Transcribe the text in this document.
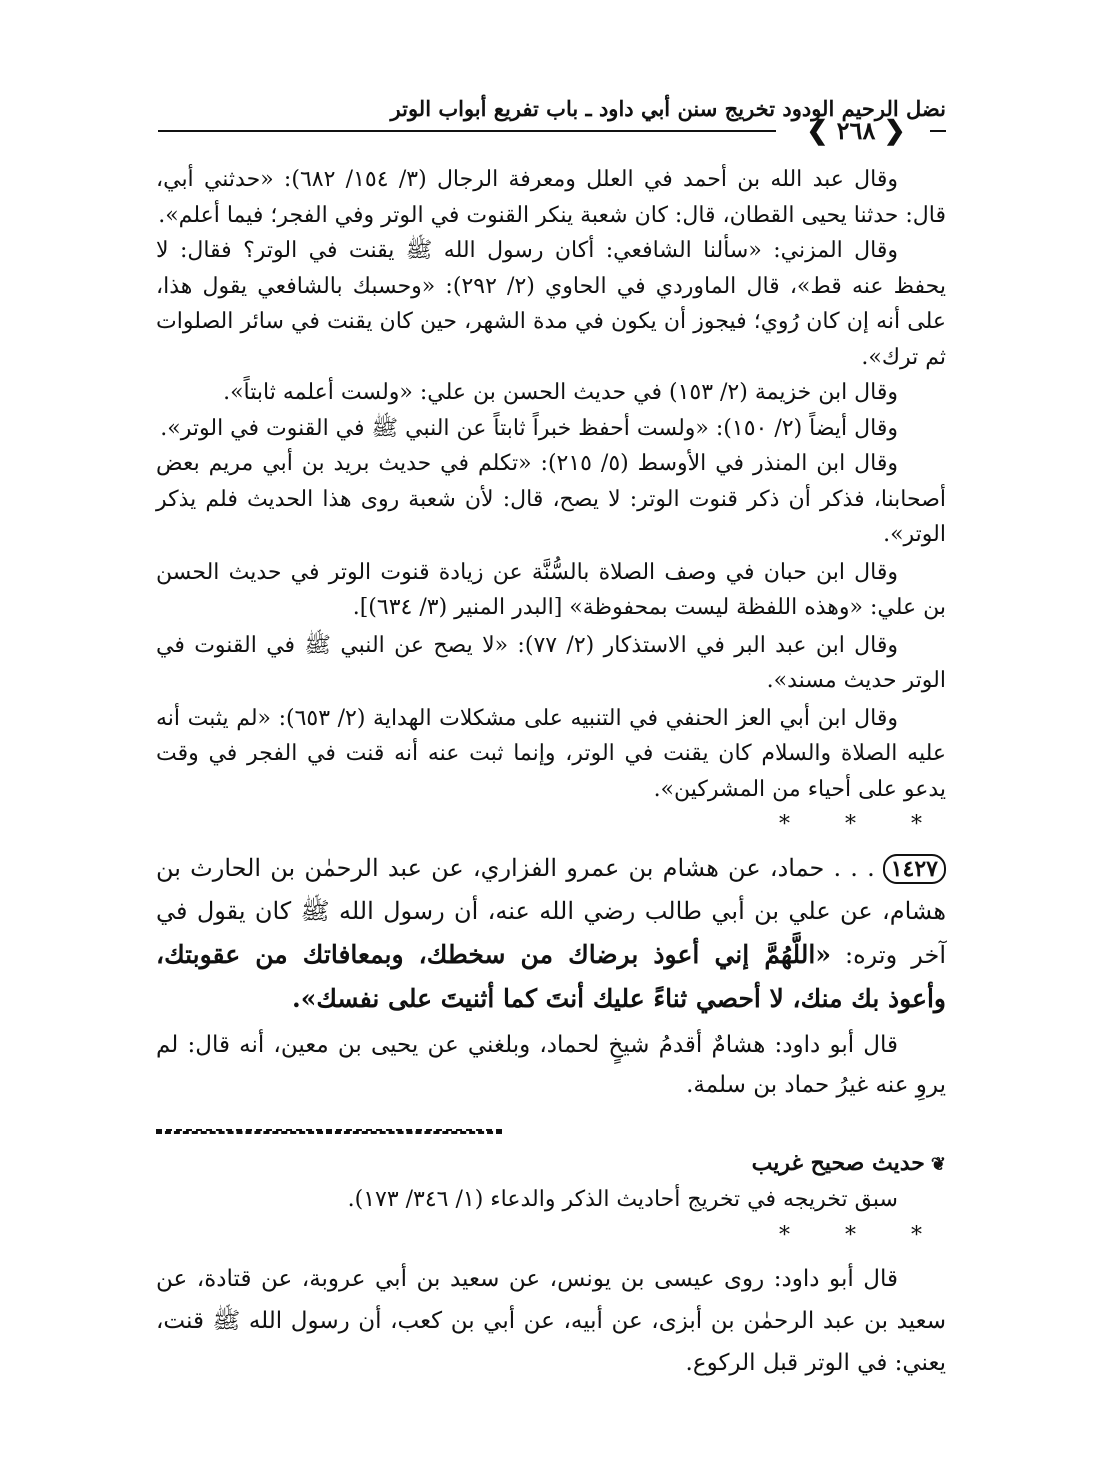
نضل الرحيم الودود تخريج سنن أبي داود ـ باب تفريع أبواب الوتر
❮ ٢٦٨ ❯

وقال عبد الله بن أحمد في العلل ومعرفة الرجال (٣/ ١٥٤/ ٦٨٢): «حدثني أبي، قال: حدثنا يحيى القطان، قال: كان شعبة ينكر القنوت في الوتر وفي الفجر؛ فيما أعلم».

وقال المزني: «سألنا الشافعي: أكان رسول الله ﷺ يقنت في الوتر؟ فقال: لا يحفظ عنه قط»، قال الماوردي في الحاوي (٢/ ٢٩٢): «وحسبك بالشافعي يقول هذا، على أنه إن كان رُوي؛ فيجوز أن يكون في مدة الشهر، حين كان يقنت في سائر الصلوات ثم ترك».

وقال ابن خزيمة (٢/ ١٥٣) في حديث الحسن بن علي: «ولست أعلمه ثابتاً».

وقال أيضاً (٢/ ١٥٠): «ولست أحفظ خبراً ثابتاً عن النبي ﷺ في القنوت في الوتر».

وقال ابن المنذر في الأوسط (٥/ ٢١٥): «تكلم في حديث بريد بن أبي مريم بعض أصحابنا، فذكر أن ذكر قنوت الوتر: لا يصح، قال: لأن شعبة روى هذا الحديث فلم يذكر الوتر».

وقال ابن حبان في وصف الصلاة بالسُّنَّة عن زيادة قنوت الوتر في حديث الحسن بن علي: «وهذه اللفظة ليست بمحفوظة» [البدر المنير (٣/ ٦٣٤)].

وقال ابن عبد البر في الاستذكار (٢/ ٧٧): «لا يصح عن النبي ﷺ في القنوت في الوتر حديث مسند».

وقال ابن أبي العز الحنفي في التنبيه على مشكلات الهداية (٢/ ٦٥٣): «لم يثبت أنه عليه الصلاة والسلام كان يقنت في الوتر، وإنما ثبت عنه أنه قنت في الفجر في وقت يدعو على أحياء من المشركين».

* * *

١٤٢٧. . . حماد، عن هشام بن عمرو الفزاري، عن عبد الرحمٰن بن الحارث بن هشام، عن علي بن أبي طالب رضي الله عنه، أن رسول الله ﷺ كان يقول في آخر وتره: «اللَّهُمَّ إني أعوذ برضاك من سخطك، وبمعافاتك من عقوبتك، وأعوذ بك منك، لا أحصي ثناءً عليك أنتَ كما أثنيتَ على نفسك».

قال أبو داود: هشامٌ أقدمُ شيخٍ لحماد، وبلغني عن يحيى بن معين، أنه قال: لم يروِ عنه غيرُ حماد بن سلمة.

❦حديث صحيح غريب

سبق تخريجه في تخريج أحاديث الذكر والدعاء (١/ ٣٤٦/ ١٧٣).

* * *

قال أبو داود: روى عيسى بن يونس، عن سعيد بن أبي عروبة، عن قتادة، عن سعيد بن عبد الرحمٰن بن أبزى، عن أبيه، عن أبي بن كعب، أن رسول الله ﷺ قنت، يعني: في الوتر قبل الركوع.
